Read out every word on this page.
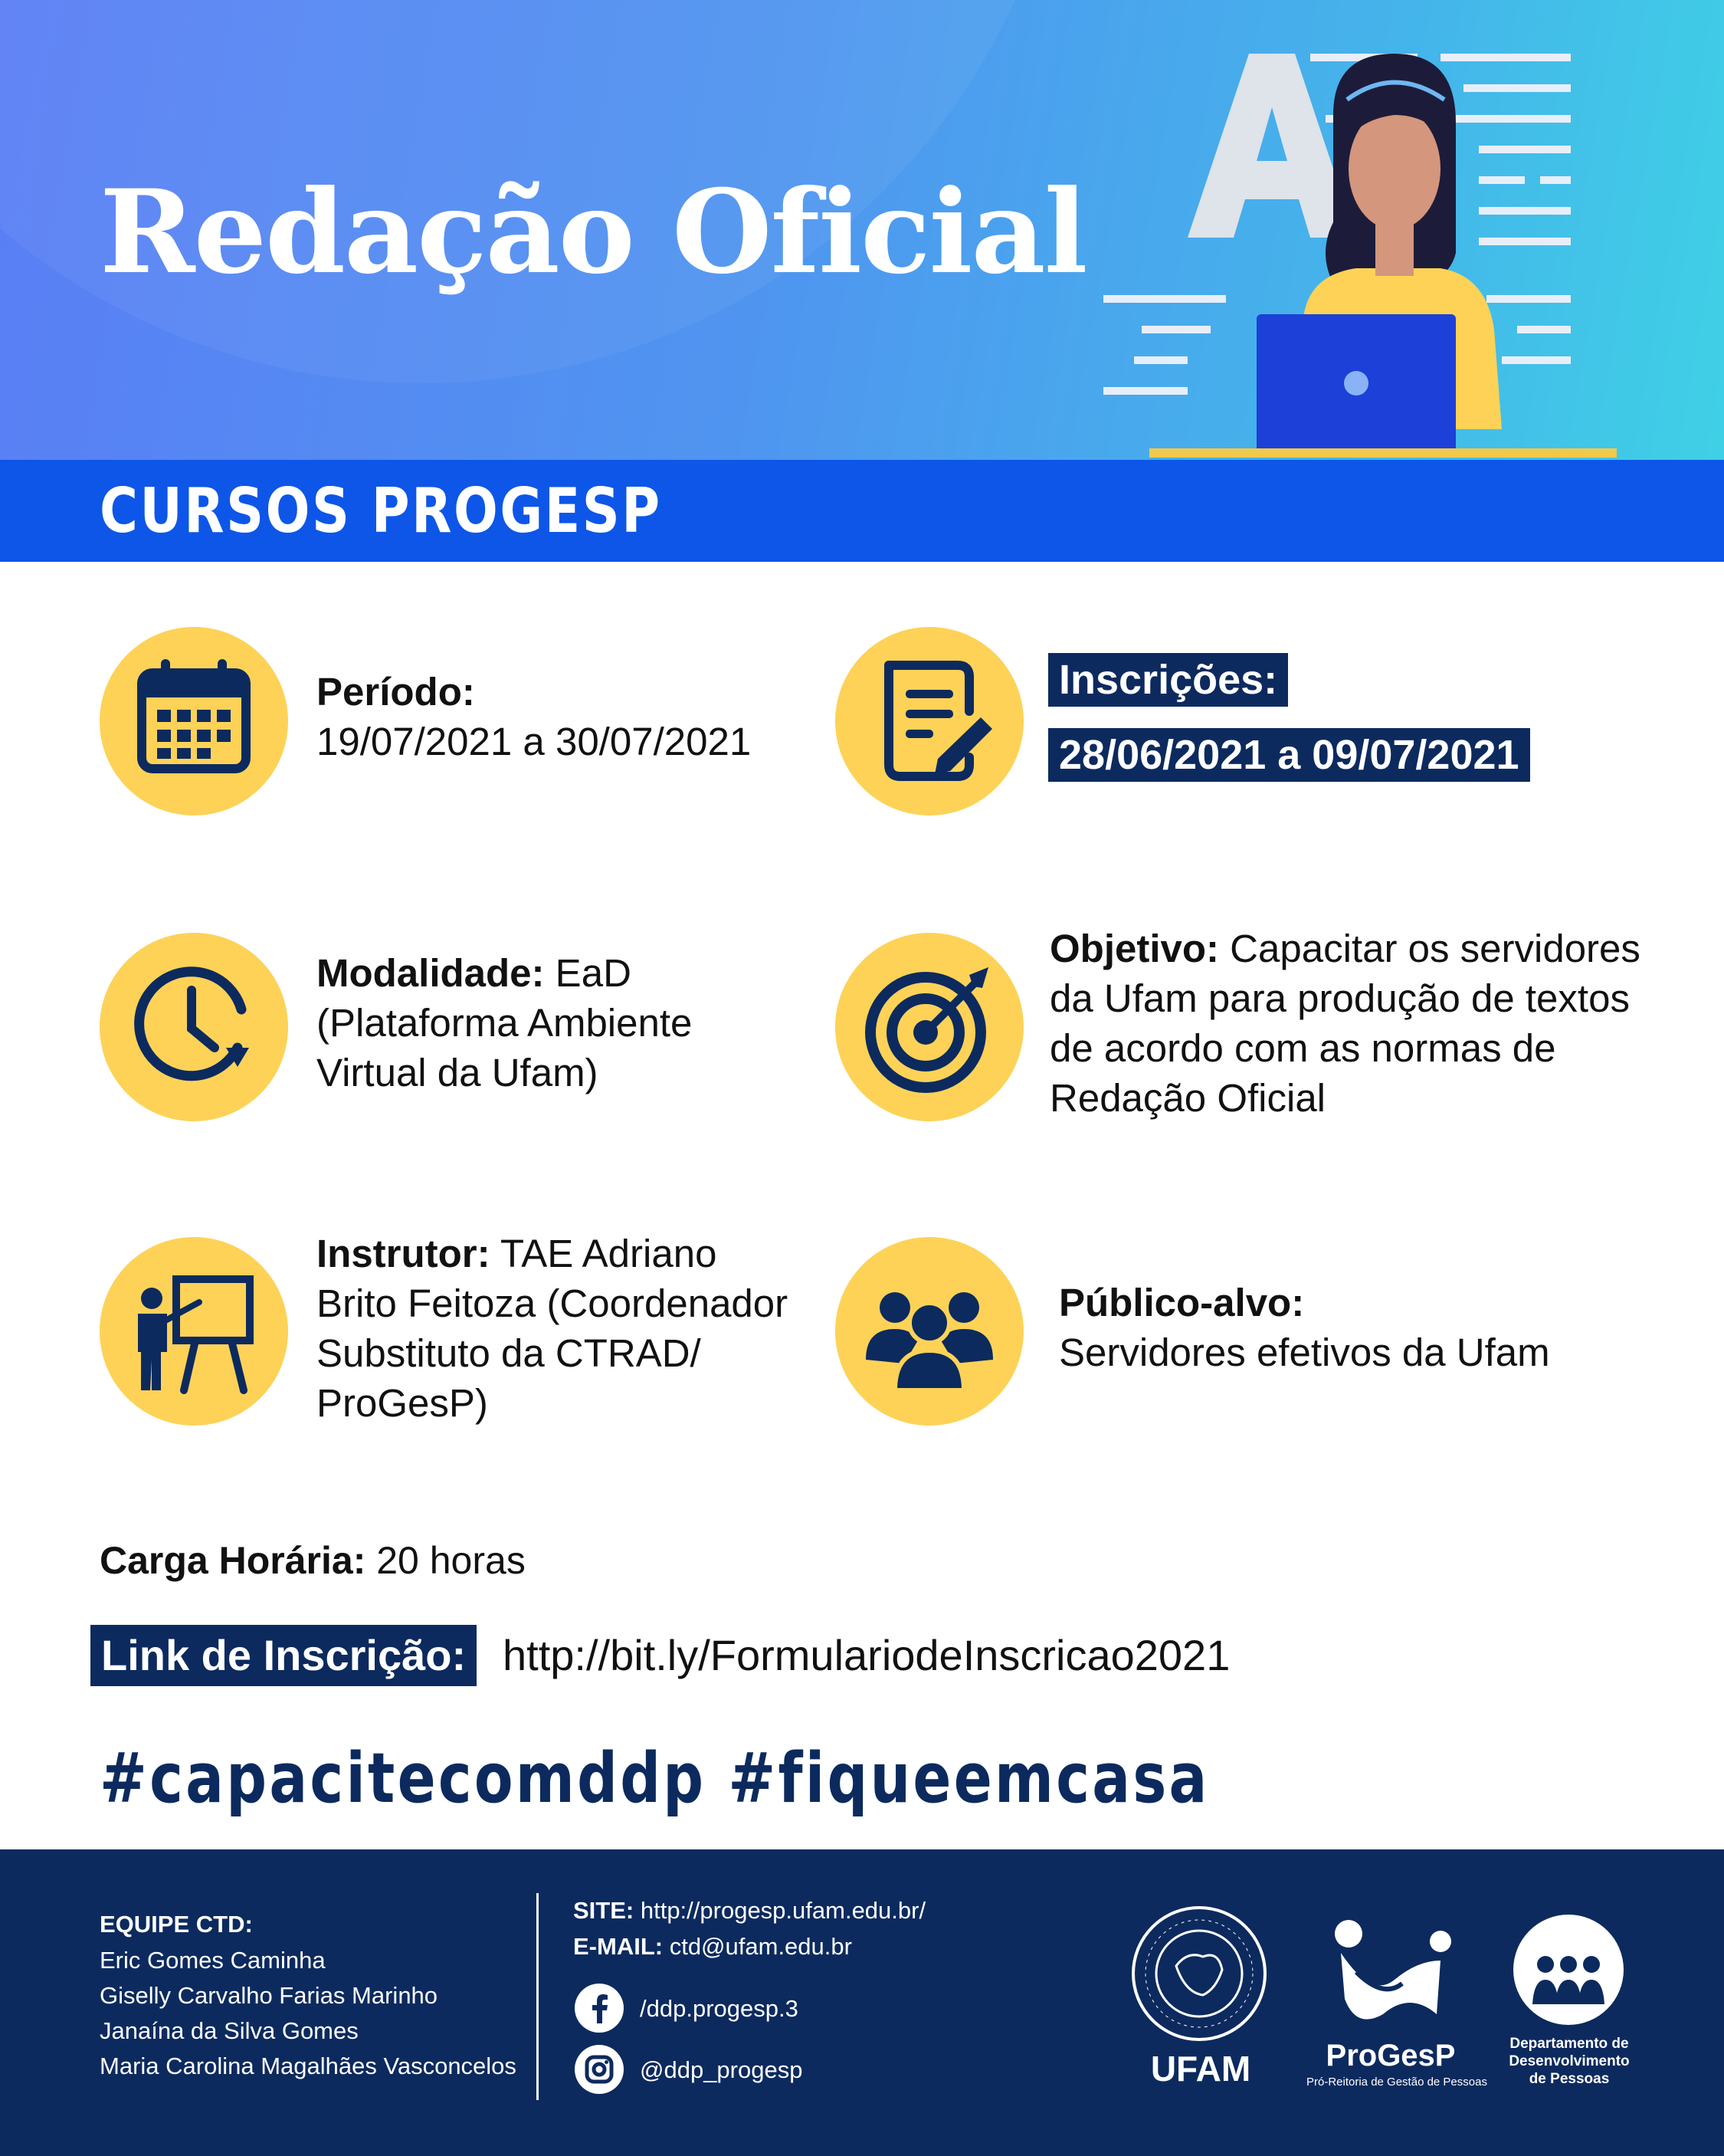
Redação Oficial
CURSOS PROGESP
Período:
19/07/2021 a 30/07/2021
Inscrições:
28/06/2021 a 09/07/2021
Modalidade: EaD
(Plataforma Ambiente
Virtual da Ufam)
Objetivo: Capacitar os servidores
da Ufam para produção de textos
de acordo com as normas de
Redação Oficial
Instrutor: TAE Adriano
Brito Feitoza (Coordenador
Substituto da CTRAD/
ProGesP)
Público-alvo:
Servidores efetivos da Ufam
Carga Horária: 20 horas
Link de Inscrição: http://bit.ly/FormulariodeInscricao2021
#capacitecomddp #fiqueemcasa
EQUIPE CTD:
Eric Gomes Caminha
Giselly Carvalho Farias Marinho
Janaína da Silva Gomes
Maria Carolina Magalhães Vasconcelos
SITE: http://progesp.ufam.edu.br/
E-MAIL: ctd@ufam.edu.br
/ddp.progesp.3
@ddp_progesp	UFAM	ProGesP
Pró-Reitoria de Gestão de Pessoas
Departamento de
Desenvolvimento
de Pessoas
